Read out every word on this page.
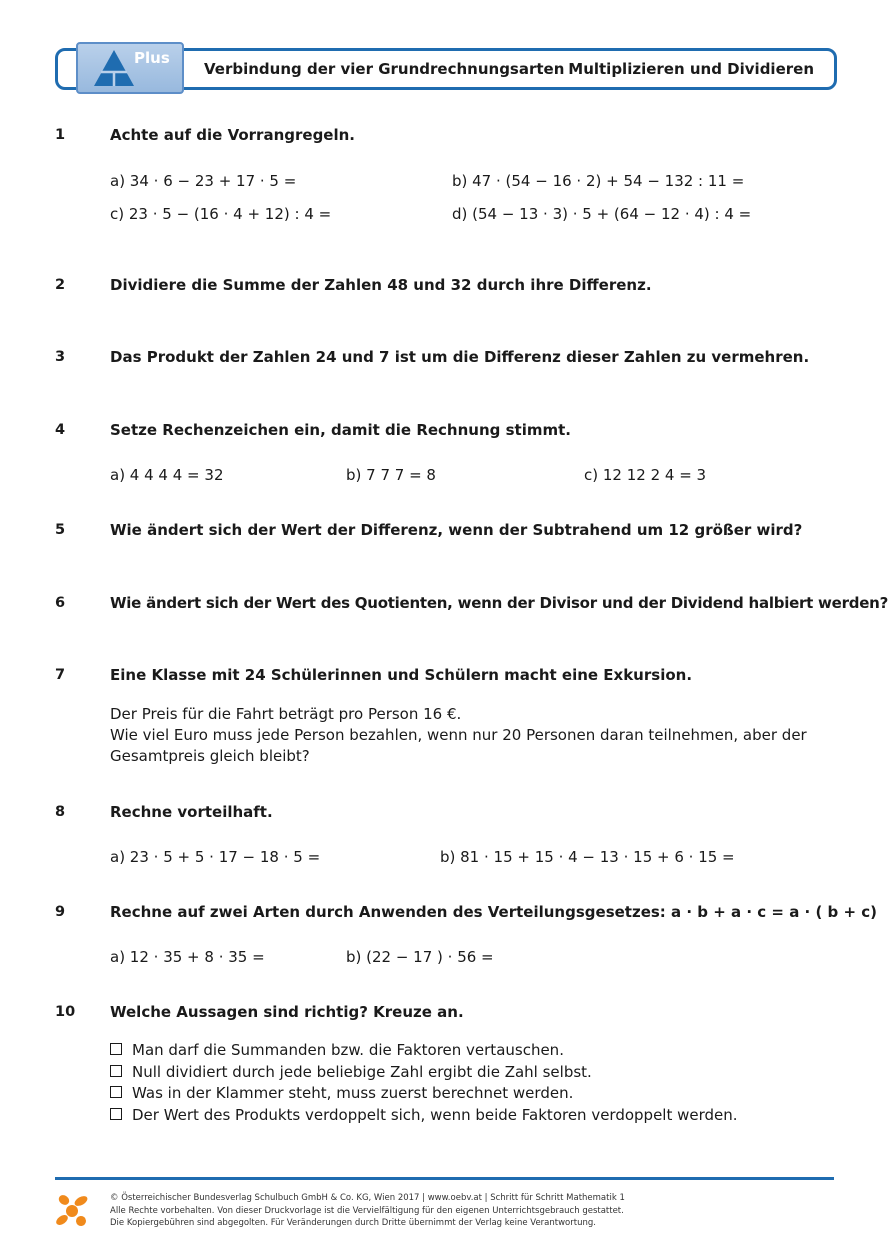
Plus
Verbindung der vier Grundrechnungsarten Multiplizieren und Dividieren
1	Achte auf die Vorrangregeln.
a) 34 · 6 − 23 + 17 · 5 =	b) 47 · (54 − 16 · 2) + 54 − 132 : 11 =
c) 23 · 5 − (16 · 4 + 12) : 4 =	d) (54 − 13 · 3) · 5 + (64 − 12 · 4) : 4 =
2	Dividiere die Summe der Zahlen 48 und 32 durch ihre Differenz.
3	Das Produkt der Zahlen 24 und 7 ist um die Differenz dieser Zahlen zu vermehren.
4	Setze Rechenzeichen ein, damit die Rechnung stimmt.
a) 4 4 4 4 = 32	b) 7 7 7 = 8	c) 12 12 2 4 = 3
5	Wie ändert sich der Wert der Differenz, wenn der Subtrahend um 12 größer wird?
6	Wie ändert sich der Wert des Quotienten, wenn der Divisor und der Dividend halbiert werden?
7	Eine Klasse mit 24 Schülerinnen und Schülern macht eine Exkursion.
Der Preis für die Fahrt beträgt pro Person 16 €.
Wie viel Euro muss jede Person bezahlen, wenn nur 20 Personen daran teilnehmen, aber der
Gesamtpreis gleich bleibt?
8	Rechne vorteilhaft.
a) 23 · 5 + 5 · 17 − 18 · 5 =	b) 81 · 15 + 15 · 4 − 13 · 15 + 6 · 15 =
9	Rechne auf zwei Arten durch Anwenden des Verteilungsgesetzes: a · b + a · c = a · ( b + c)
a) 12 · 35 + 8 · 35 =	b) (22 − 17 ) · 56 =
10 Welche Aussagen sind richtig? Kreuze an.
Man darf die Summanden bzw. die Faktoren vertauschen.
Null dividiert durch jede beliebige Zahl ergibt die Zahl selbst.
Was in der Klammer steht, muss zuerst berechnet werden.
Der Wert des Produkts verdoppelt sich, wenn beide Faktoren verdoppelt werden.
© Österreichischer Bundesverlag Schulbuch GmbH & Co. KG, Wien 2017 | www.oebv.at | Schritt für Schritt Mathematik 1
Alle Rechte vorbehalten. Von dieser Druckvorlage ist die Vervielfältigung für den eigenen Unterrichtsgebrauch gestattet.
Die Kopiergebühren sind abgegolten. Für Veränderungen durch Dritte übernimmt der Verlag keine Verantwortung.
